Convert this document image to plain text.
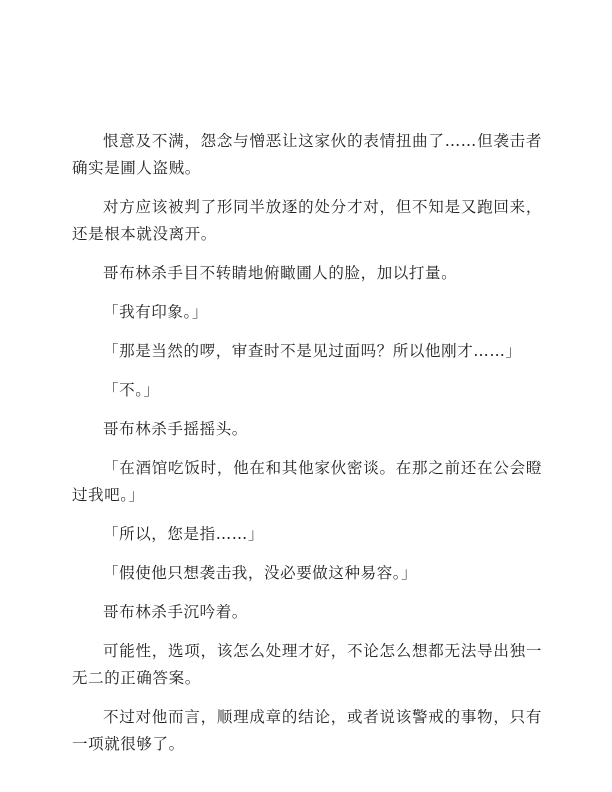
恨意及不满，怨念与憎恶让这家伙的表情扭曲了……但袭击者确实是圃人盗贼。

对方应该被判了形同半放逐的处分才对，但不知是又跑回来，还是根本就没离开。

哥布林杀手目不转睛地俯瞰圃人的脸，加以打量。

「我有印象。」

「那是当然的啰，审查时不是见过面吗？所以他刚才……」

「不。」

哥布林杀手摇摇头。

「在酒馆吃饭时，他在和其他家伙密谈。在那之前还在公会瞪过我吧。」

「所以，您是指……」

「假使他只想袭击我，没必要做这种易容。」

哥布林杀手沉吟着。

可能性，选项，该怎么处理才好，不论怎么想都无法导出独一无二的正确答案。

不过对他而言，顺理成章的结论，或者说该警戒的事物，只有一项就很够了。
